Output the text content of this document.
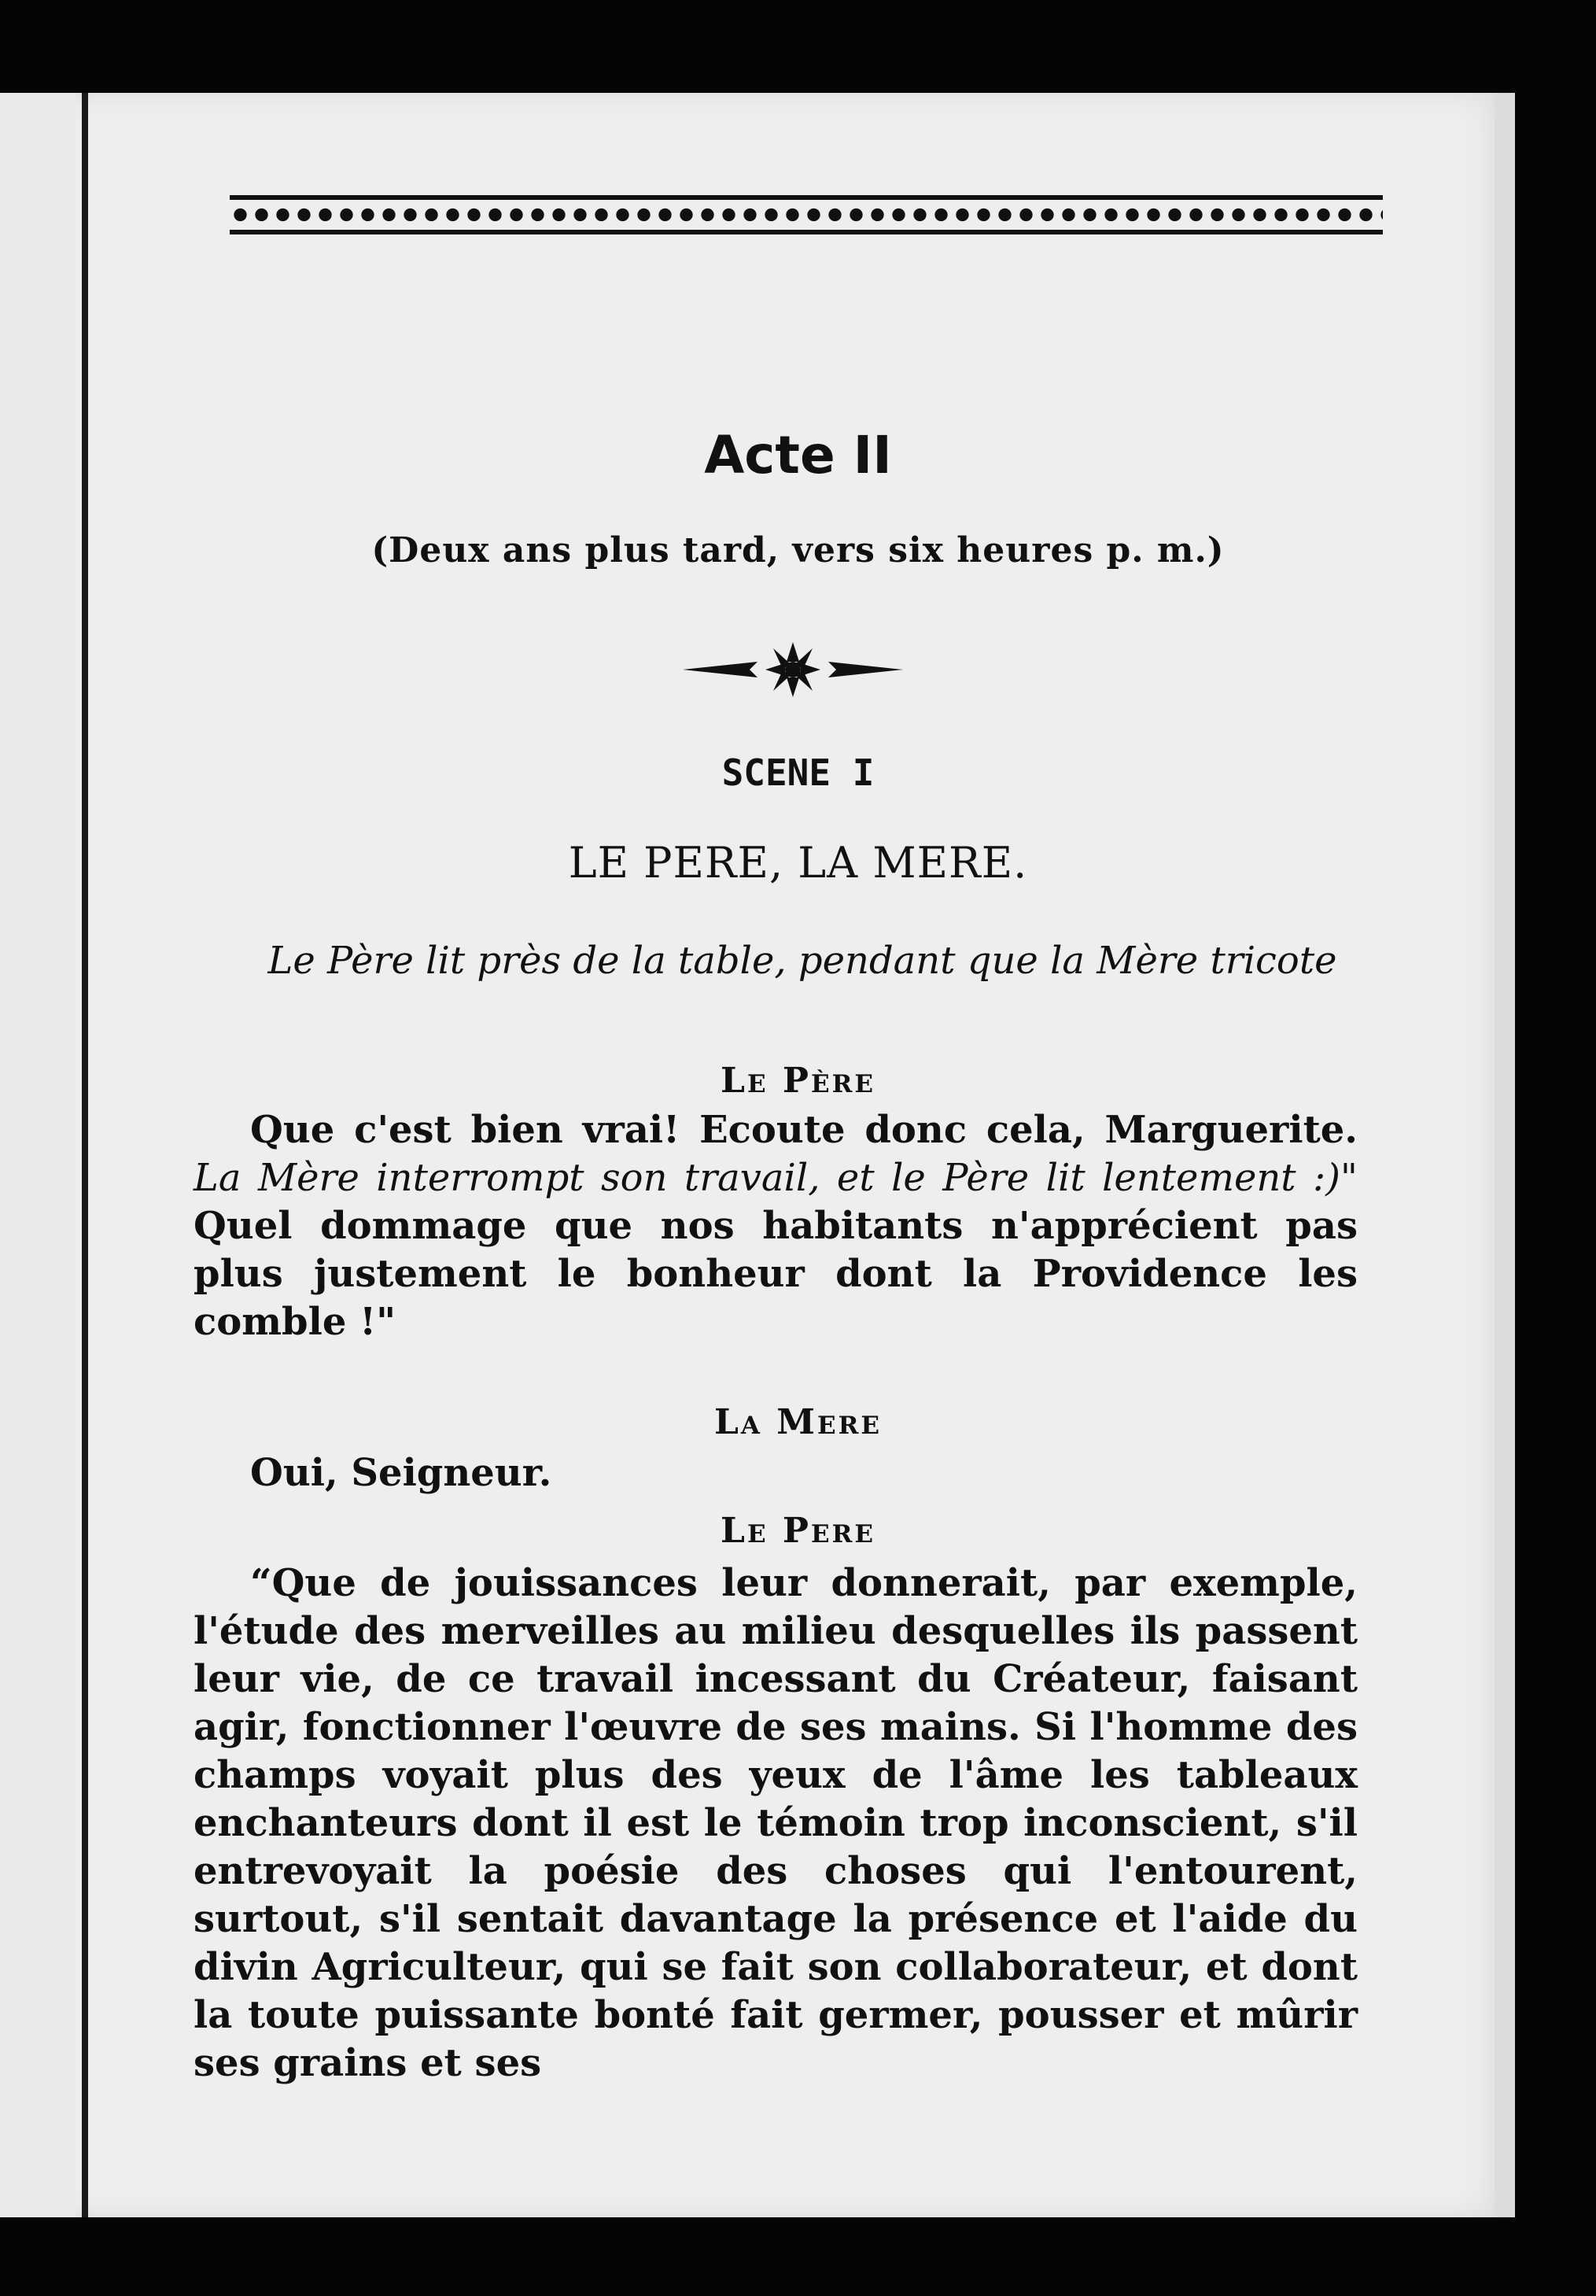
Acte II

(Deux ans plus tard, vers six heures p. m.)

SCENE I

LE PERE, LA MERE.

Le Père lit près de la table, pendant que la Mère tricote

Le Père

Que c'est bien vrai! Ecoute donc cela, Marguerite. La Mère interrompt son travail, et le Père lit lentement :)" Quel dommage que nos habitants n'apprécient pas plus justement le bonheur dont la Providence les comble !"

La Mere

Oui, Seigneur.

Le Pere

“Que de jouissances leur donnerait, par exemple, l'étude des merveilles au milieu desquelles ils passent leur vie, de ce travail incessant du Créateur, faisant agir, fonctionner l'œuvre de ses mains. Si l'homme des champs voyait plus des yeux de l'âme les tableaux enchanteurs dont il est le témoin trop inconscient, s'il entrevoyait la poésie des choses qui l'entourent, surtout, s'il sentait davantage la présence et l'aide du divin Agriculteur, qui se fait son collaborateur, et dont la toute puissante bonté fait germer, pousser et mûrir ses grains et ses
